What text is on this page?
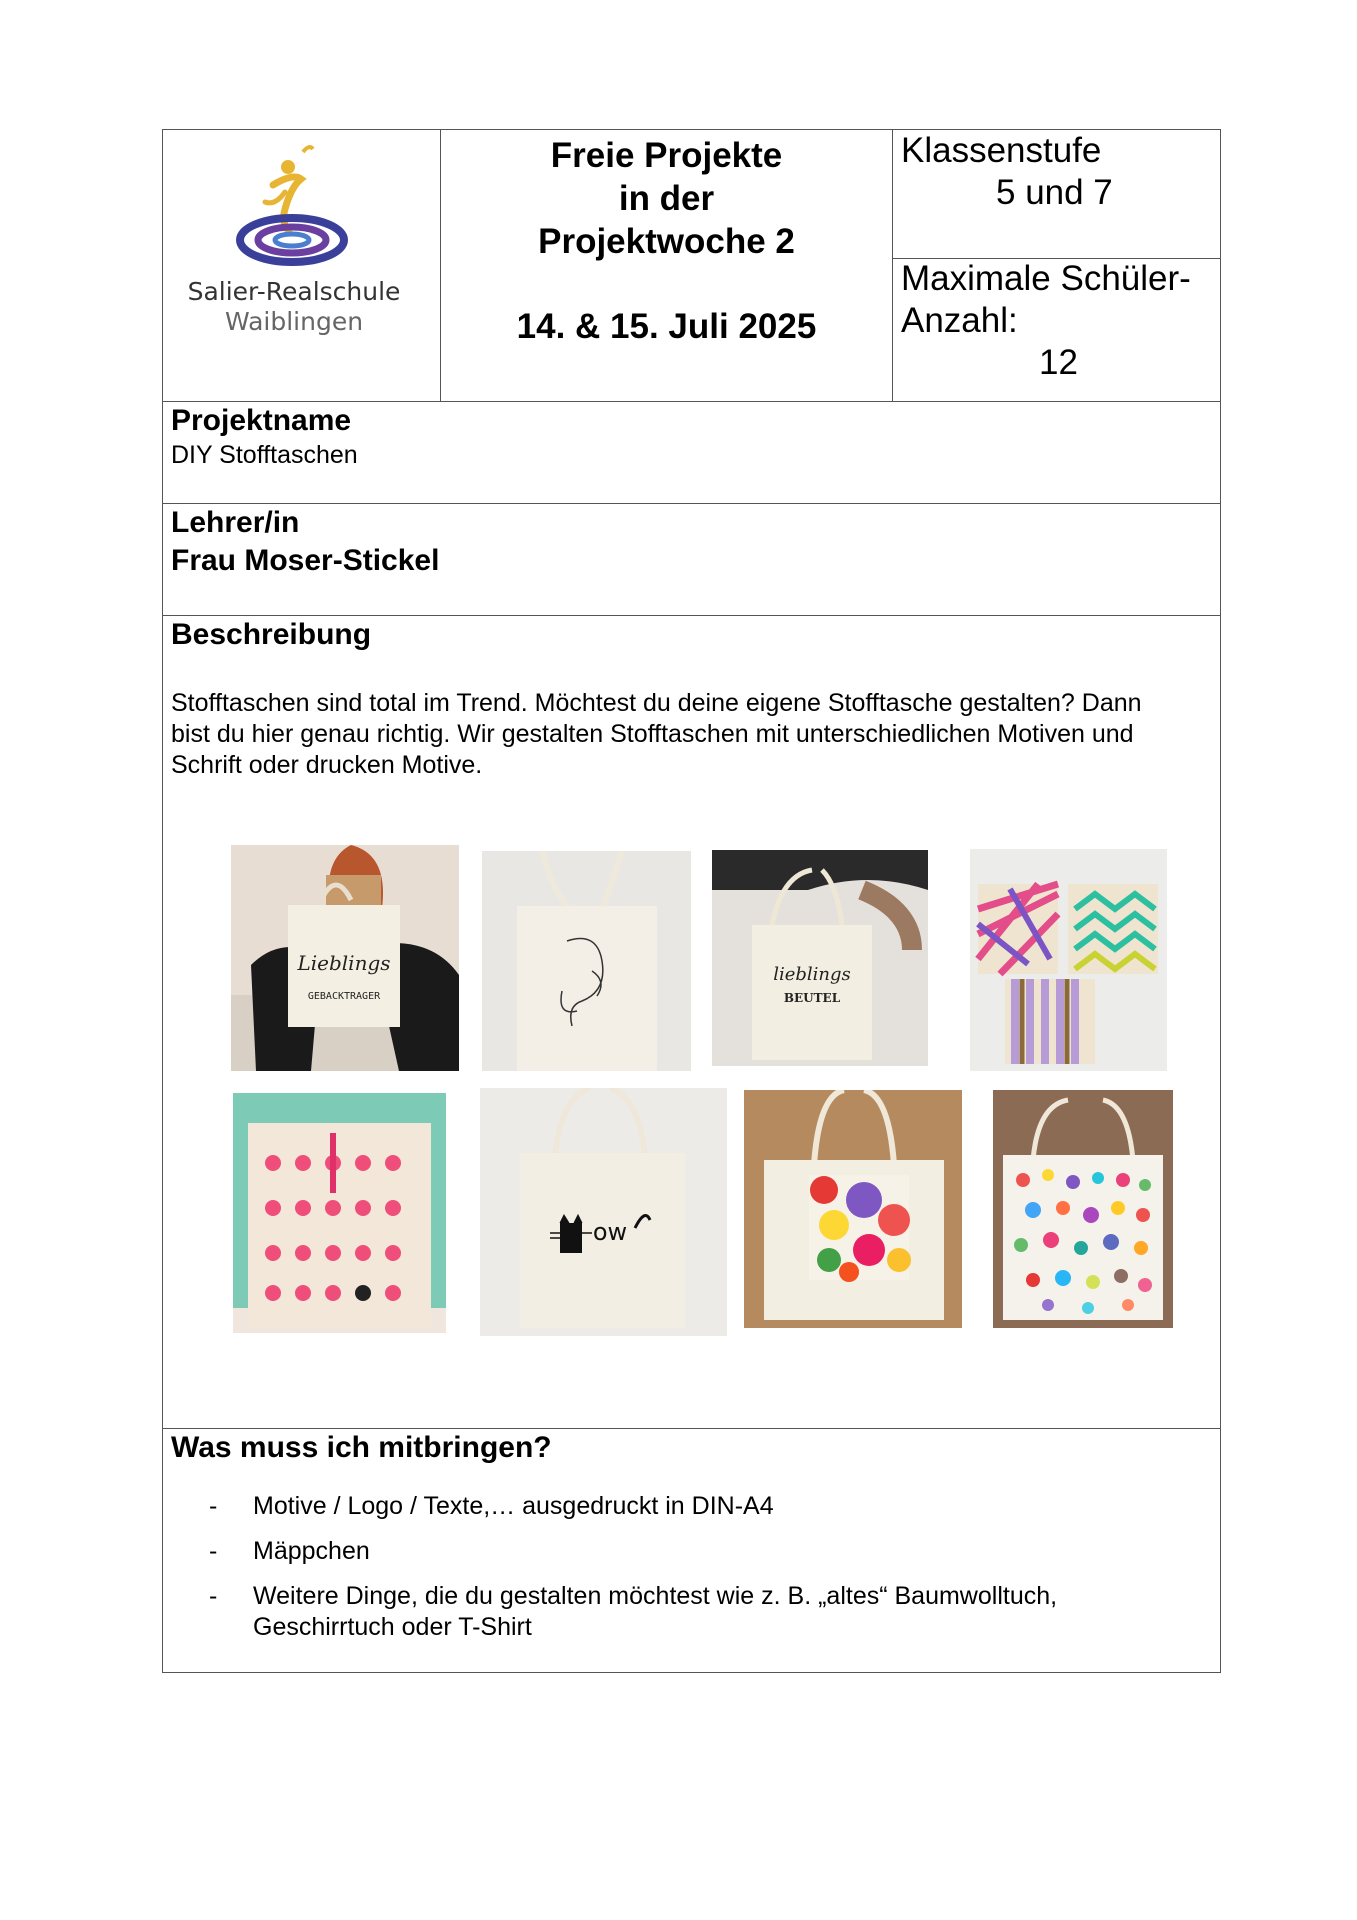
Salier-Realschule
Waiblingen
Freie Projekte
in der
Projektwoche 2
14. & 15. Juli 2025
Klassenstufe
5 und 7
Maximale Schüler-
Anzahl:
12
Projektname
DIY Stofftaschen
Lehrer/in
Frau Moser-Stickel
Beschreibung
Stofftaschen sind total im Trend. Möchtest du deine eigene Stofftasche gestalten? Dann bist du hier genau richtig. Wir gestalten Stofftaschen mit unterschiedlichen Motiven und Schrift oder drucken Motive.
Lieblings
GEBACKTRAGER
lieblings
BEUTEL
ow
Was muss ich mitbringen?
- Motive / Logo / Texte,… ausgedruckt in DIN-A4
- Mäppchen
- Weitere Dinge, die du gestalten möchtest wie z. B. „altes“ Baumwolltuch, Geschirrtuch oder T-Shirt
